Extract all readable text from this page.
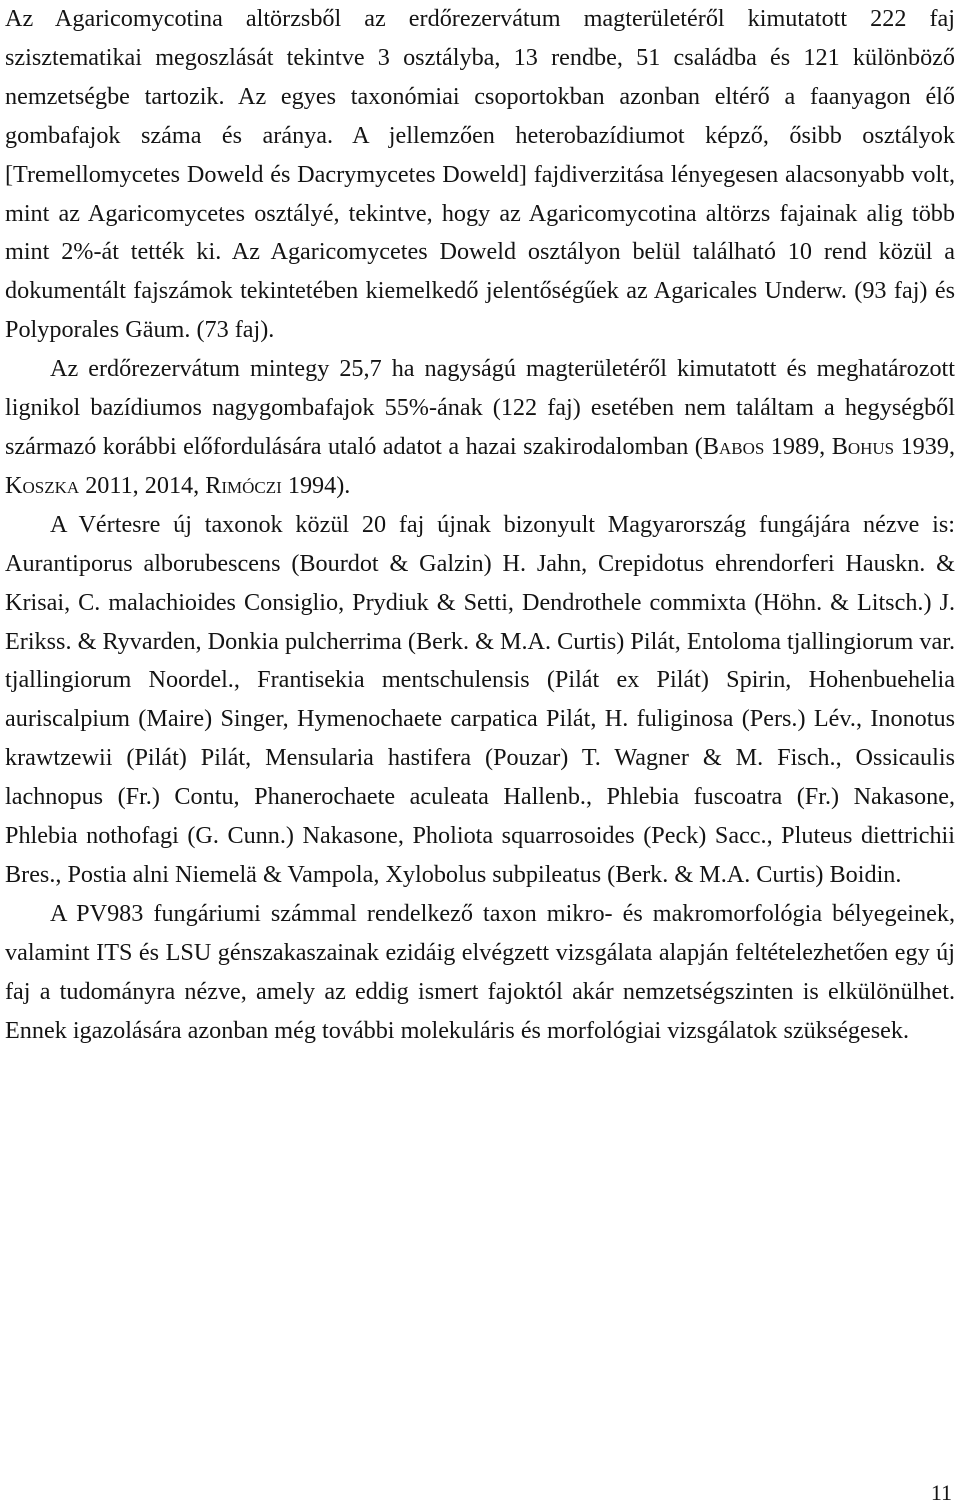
Az Agaricomycotina altörzsből az erdőrezervátum magterületéről kimutatott 222 faj szisztematikai megoszlását tekintve 3 osztályba, 13 rendbe, 51 családba és 121 különböző nemzetségbe tartozik. Az egyes taxonómiai csoportokban azonban eltérő a faanyagon élő gombafajok száma és aránya. A jellemzően heterobazídiumot képző, ősibb osztályok [Tremellomycetes Doweld és Dacrymycetes Doweld] fajdiverzitása lényegesen alacsonyabb volt, mint az Agaricomycetes osztályé, tekintve, hogy az Agaricomycotina altörzs fajainak alig több mint 2%-át tették ki. Az Agaricomycetes Doweld osztályon belül található 10 rend közül a dokumentált fajszámok tekintetében kiemelkedő jelentőségűek az Agaricales Underw. (93 faj) és Polyporales Gäum. (73 faj).

Az erdőrezervátum mintegy 25,7 ha nagyságú magterületéről kimutatott és meghatározott lignikol bazídiumos nagygombafajok 55%-ának (122 faj) esetében nem találtam a hegységből származó korábbi előfordulására utaló adatot a hazai szakirodalomban (Babos 1989, Bohus 1939, Koszka 2011, 2014, Rimóczi 1994).

A Vértesre új taxonok közül 20 faj újnak bizonyult Magyarország fungájára nézve is: Aurantiporus alborubescens (Bourdot & Galzin) H. Jahn, Crepidotus ehrendorferi Hauskn. & Krisai, C. malachioides Consiglio, Prydiuk & Setti, Dendrothele commixta (Höhn. & Litsch.) J. Erikss. & Ryvarden, Donkia pulcherrima (Berk. & M.A. Curtis) Pilát, Entoloma tjallingiorum var. tjallingiorum Noordel., Frantisekia mentschulensis (Pilát ex Pilát) Spirin, Hohenbuehelia auriscalpium (Maire) Singer, Hymenochaete carpatica Pilát, H. fuliginosa (Pers.) Lév., Inonotus krawtzewii (Pilát) Pilát, Mensularia hastifera (Pouzar) T. Wagner & M. Fisch., Ossicaulis lachnopus (Fr.) Contu, Phanerochaete aculeata Hallenb., Phlebia fuscoatra (Fr.) Nakasone, Phlebia nothofagi (G. Cunn.) Nakasone, Pholiota squarrosoides (Peck) Sacc., Pluteus diettrichii Bres., Postia alni Niemelä & Vampola, Xylobolus subpileatus (Berk. & M.A. Curtis) Boidin.

A PV983 fungáriumi számmal rendelkező taxon mikro- és makromorfológia bélyegeinek, valamint ITS és LSU génszakaszainak ezidáig elvégzett vizsgálata alapján feltételezhetően egy új faj a tudományra nézve, amely az eddig ismert fajoktól akár nemzetségszinten is elkülönülhet. Ennek igazolására azonban még további molekuláris és morfológiai vizsgálatok szükségesek.

11
